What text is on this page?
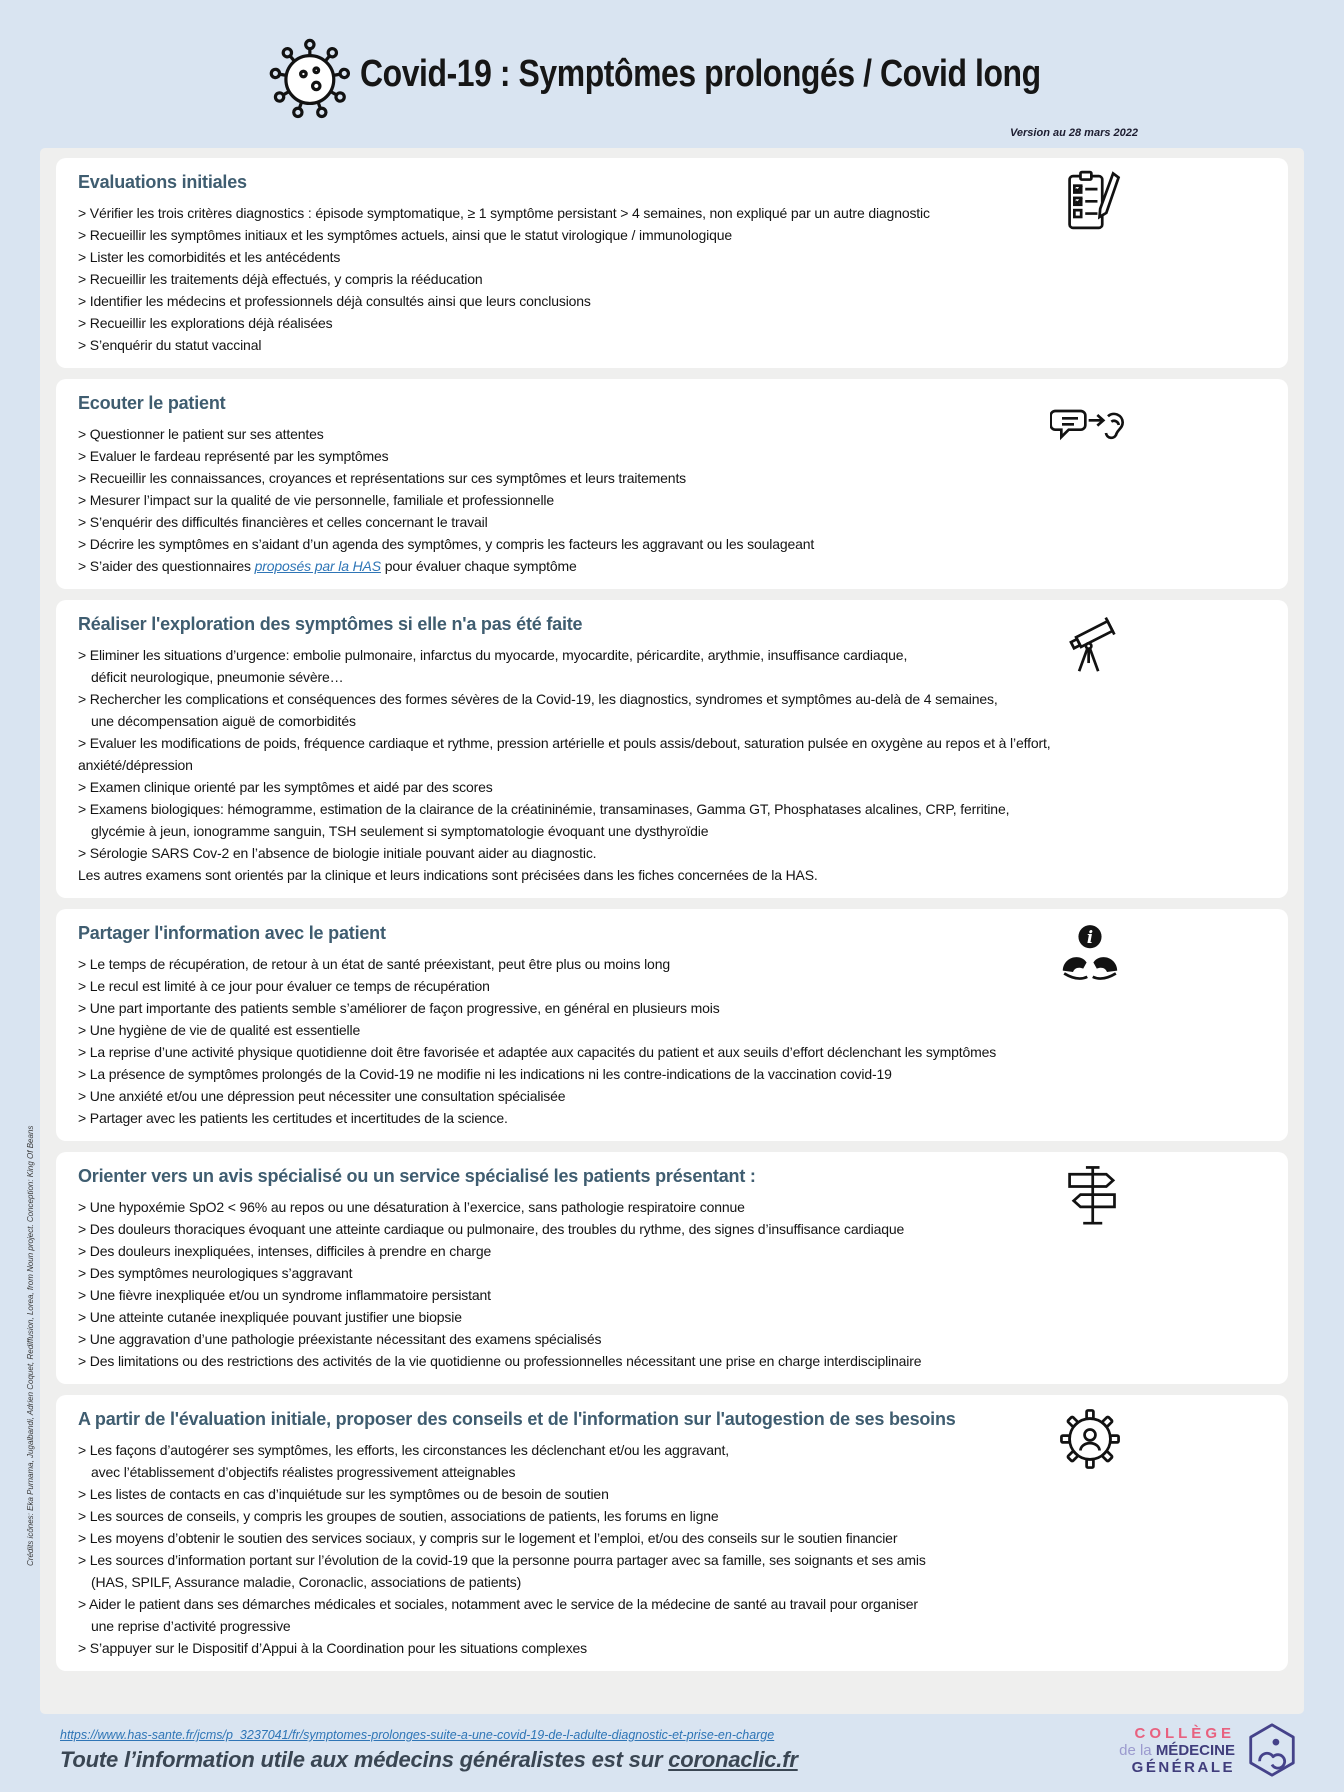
Crédits icônes: Eka Purnama, Jugalbandi, Adrien Coquet, Rediffusion, Lorea, from Noun project. Conception: King Of Beans
Covid-19 : Symptômes prolongés / Covid long
Version au 28 mars 2022
Evaluations initiales
> Vérifier les trois critères diagnostics : épisode symptomatique, ≥ 1 symptôme persistant > 4 semaines, non expliqué par un autre diagnostic
> Recueillir les symptômes initiaux et les symptômes actuels, ainsi que le statut virologique / immunologique
> Lister les comorbidités et les antécédents
> Recueillir les traitements déjà effectués, y compris la rééducation
> Identifier les médecins et professionnels déjà consultés ainsi que leurs conclusions
> Recueillir les explorations déjà réalisées
> S’enquérir du statut vaccinal
Ecouter le patient
> Questionner le patient sur ses attentes
> Evaluer le fardeau représenté par les symptômes
> Recueillir les connaissances, croyances et représentations sur ces symptômes et leurs traitements
> Mesurer l’impact sur la qualité de vie personnelle, familiale et professionnelle
> S’enquérir des difficultés financières et celles concernant le travail
> Décrire les symptômes en s’aidant d’un agenda des symptômes, y compris les facteurs les aggravant ou les soulageant
> S’aider des questionnaires proposés par la HAS pour évaluer chaque symptôme
Réaliser l'exploration des symptômes si elle n'a pas été faite
> Eliminer les situations d’urgence: embolie pulmonaire, infarctus du myocarde, myocardite, péricardite, arythmie, insuffisance cardiaque,
déficit neurologique, pneumonie sévère…
> Rechercher les complications et conséquences des formes sévères de la Covid-19, les diagnostics, syndromes et symptômes au-delà de 4 semaines,
une décompensation aiguë de comorbidités
> Evaluer les modifications de poids, fréquence cardiaque et rythme, pression artérielle et pouls assis/debout, saturation pulsée en oxygène au repos et à l’effort,
anxiété/dépression
> Examen clinique orienté par les symptômes et aidé par des scores
> Examens biologiques: hémogramme, estimation de la clairance de la créatininémie, transaminases, Gamma GT, Phosphatases alcalines, CRP, ferritine,
glycémie à jeun, ionogramme sanguin, TSH seulement si symptomatologie évoquant une dysthyroïdie
> Sérologie SARS Cov-2 en l’absence de biologie initiale pouvant aider au diagnostic.
Les autres examens sont orientés par la clinique et leurs indications sont précisées dans les fiches concernées de la HAS.
Partager l'information avec le patient	i
> Le temps de récupération, de retour à un état de santé préexistant, peut être plus ou moins long
> Le recul est limité à ce jour pour évaluer ce temps de récupération
> Une part importante des patients semble s’améliorer de façon progressive, en général en plusieurs mois
> Une hygiène de vie de qualité est essentielle
> La reprise d’une activité physique quotidienne doit être favorisée et adaptée aux capacités du patient et aux seuils d’effort déclenchant les symptômes
> La présence de symptômes prolongés de la Covid-19 ne modifie ni les indications ni les contre-indications de la vaccination covid-19
> Une anxiété et/ou une dépression peut nécessiter une consultation spécialisée
> Partager avec les patients les certitudes et incertitudes de la science.
Orienter vers un avis spécialisé ou un service spécialisé les patients présentant :
> Une hypoxémie SpO2 < 96% au repos ou une désaturation à l’exercice, sans pathologie respiratoire connue
> Des douleurs thoraciques évoquant une atteinte cardiaque ou pulmonaire, des troubles du rythme, des signes d’insuffisance cardiaque
> Des douleurs inexpliquées, intenses, difficiles à prendre en charge
> Des symptômes neurologiques s’aggravant
> Une fièvre inexpliquée et/ou un syndrome inflammatoire persistant
> Une atteinte cutanée inexpliquée pouvant justifier une biopsie
> Une aggravation d’une pathologie préexistante nécessitant des examens spécialisés
> Des limitations ou des restrictions des activités de la vie quotidienne ou professionnelles nécessitant une prise en charge interdisciplinaire
A partir de l'évaluation initiale, proposer des conseils et de l'information sur l'autogestion de ses besoins
> Les façons d’autogérer ses symptômes, les efforts, les circonstances les déclenchant et/ou les aggravant,
avec l’établissement d’objectifs réalistes progressivement atteignables
> Les listes de contacts en cas d’inquiétude sur les symptômes ou de besoin de soutien
> Les sources de conseils, y compris les groupes de soutien, associations de patients, les forums en ligne
> Les moyens d’obtenir le soutien des services sociaux, y compris sur le logement et l’emploi, et/ou des conseils sur le soutien financier
> Les sources d’information portant sur l’évolution de la covid-19 que la personne pourra partager avec sa famille, ses soignants et ses amis
(HAS, SPILF, Assurance maladie, Coronaclic, associations de patients)
> Aider le patient dans ses démarches médicales et sociales, notamment avec le service de la médecine de santé au travail pour organiser
une reprise d’activité progressive
> S’appuyer sur le Dispositif d’Appui à la Coordination pour les situations complexes
https://www.has-sante.fr/jcms/p_3237041/fr/symptomes-prolonges-suite-a-une-covid-19-de-l-adulte-diagnostic-et-prise-en-charge
Toute l’information utile aux médecins généralistes est sur coronaclic.fr
COLLÈGE
de la MÉDECINE
GÉNÉRALE
